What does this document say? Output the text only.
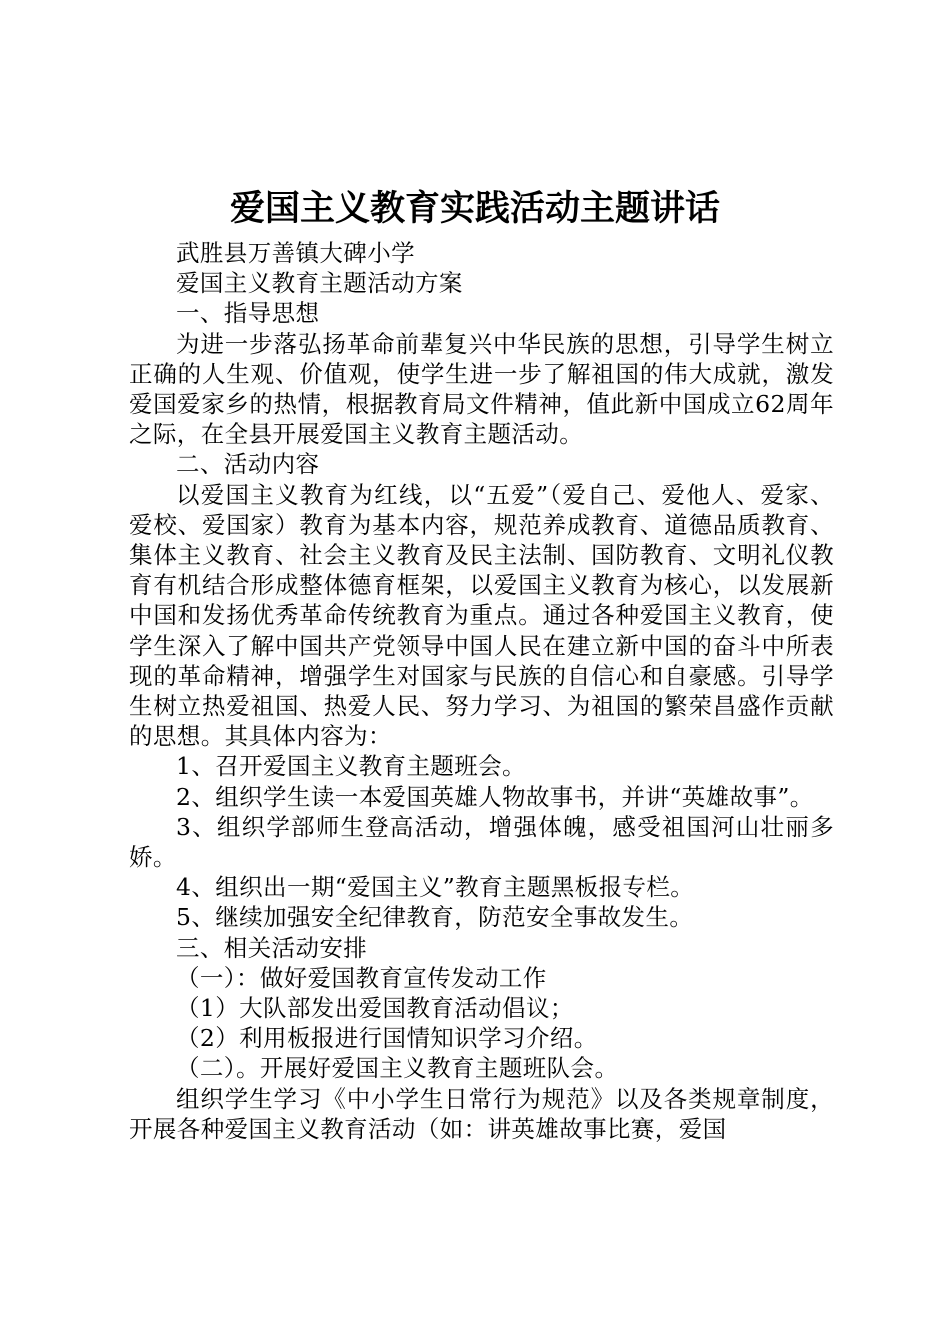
爱国主义教育实践活动主题讲话

武胜县万善镇大碑小学

爱国主义教育主题活动方案

一、指导思想

为进一步落弘扬革命前辈复兴中华民族的思想，引导学生树立正确的人生观、价值观，使学生进一步了解祖国的伟大成就，激发爱国爱家乡的热情，根据教育局文件精神，值此新中国成立62周年之际，在全县开展爱国主义教育主题活动。

二、活动内容

以爱国主义教育为红线，以“五爱”（爱自己、爱他人、爱家、爱校、爱国家）教育为基本内容，规范养成教育、道德品质教育、集体主义教育、社会主义教育及民主法制、国防教育、文明礼仪教育有机结合形成整体德育框架，以爱国主义教育为核心，以发展新中国和发扬优秀革命传统教育为重点。通过各种爱国主义教育，使学生深入了解中国共产党领导中国人民在建立新中国的奋斗中所表现的革命精神，增强学生对国家与民族的自信心和自豪感。引导学生树立热爱祖国、热爱人民、努力学习、为祖国的繁荣昌盛作贡献的思想。其具体内容为：

1、召开爱国主义教育主题班会。

2、组织学生读一本爱国英雄人物故事书，并讲“英雄故事”。

3、组织学部师生登高活动，增强体魄，感受祖国河山壮丽多娇。

4、组织出一期“爱国主义”教育主题黑板报专栏。

5、继续加强安全纪律教育，防范安全事故发生。

三、相关活动安排

（一）：做好爱国教育宣传发动工作

（1）大队部发出爱国教育活动倡议；

（2）利用板报进行国情知识学习介绍。

（二）。开展好爱国主义教育主题班队会。

组织学生学习《中小学生日常行为规范》以及各类规章制度，开展各种爱国主义教育活动（如：讲英雄故事比赛，爱国
